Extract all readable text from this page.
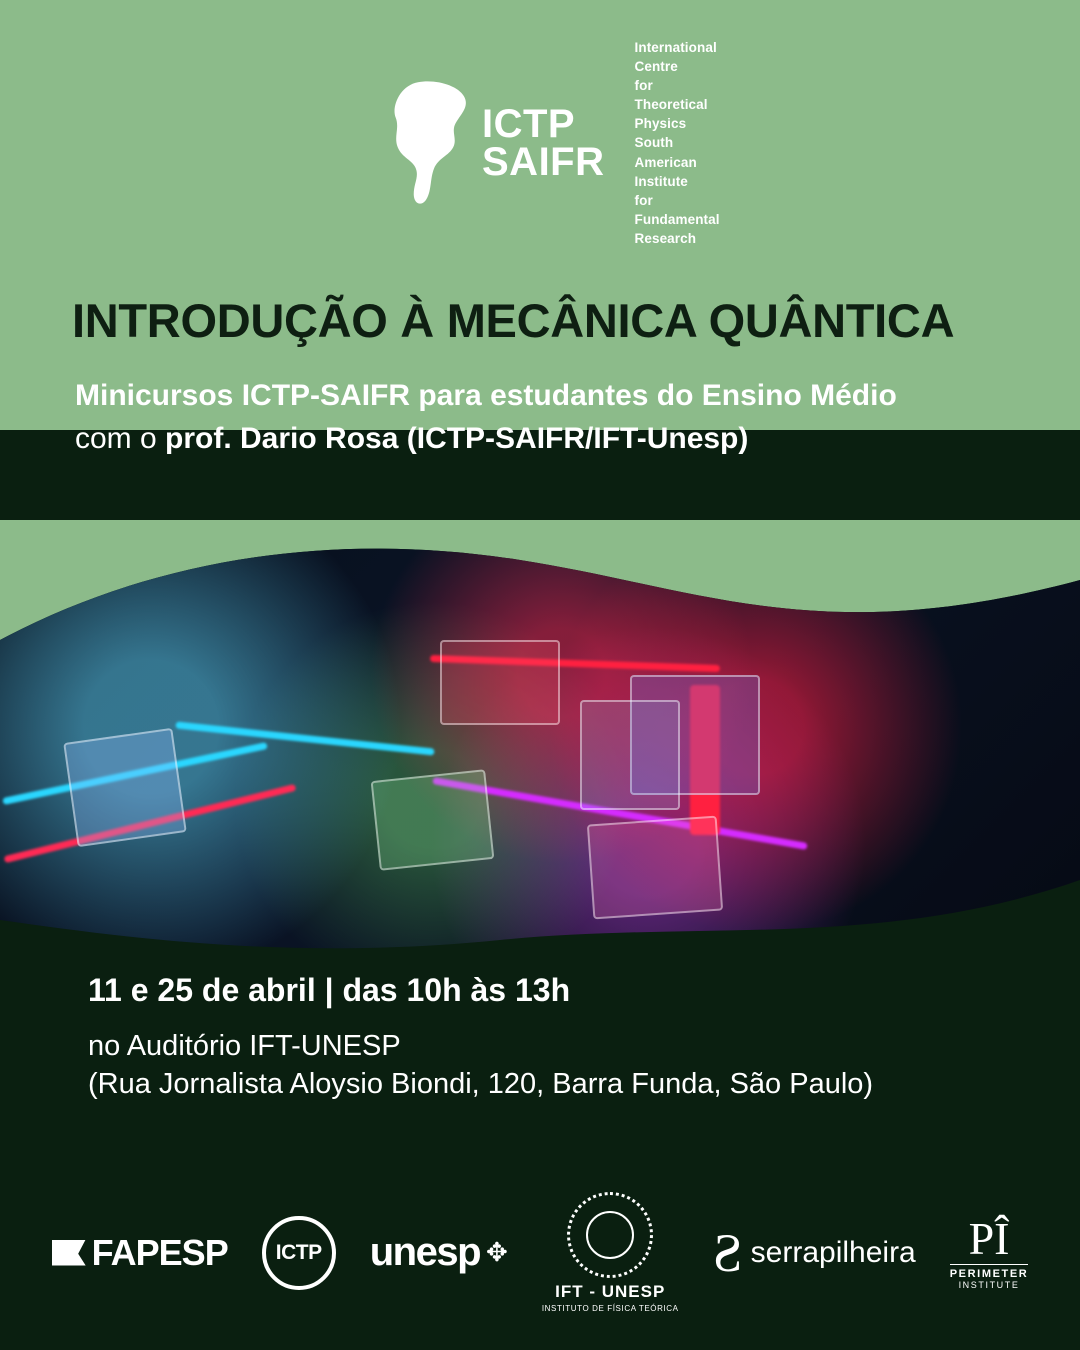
ICTP
SAIFR
International Centre
for Theoretical Physics
South American Institute
for Fundamental Research
INTRODUÇÃO À MECÂNICA QUÂNTICA
Minicursos ICTP-SAIFR para estudantes do Ensino Médio
com o prof. Dario Rosa (ICTP-SAIFR/IFT-Unesp)
11 e 25 de abril | das 10h às 13h
no Auditório IFT-UNESP
(Rua Jornalista Aloysio Biondi, 120, Barra Funda, São Paulo)
FAPESP ICTP unesp ✥
IFT - UNESP
INSTITUTO DE FÍSICA TEÓRICA
Ƨ serrapilheira	PÎ
PERIMETER
INSTITUTE
